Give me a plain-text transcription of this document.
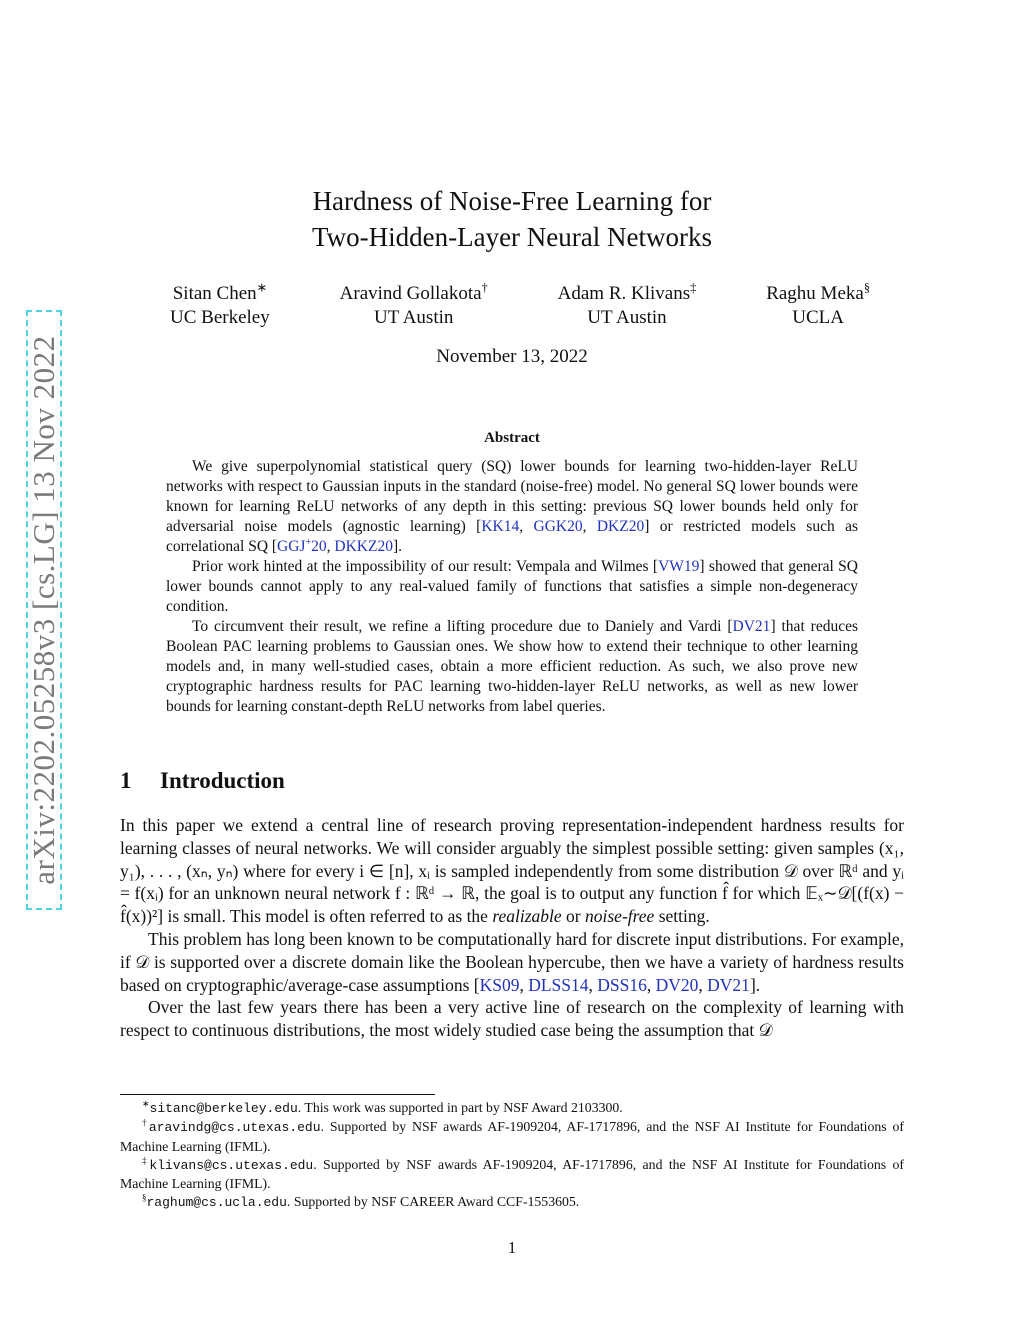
arXiv:2202.05258v3 [cs.LG] 13 Nov 2022
Hardness of Noise-Free Learning for
Two-Hidden-Layer Neural Networks
Sitan Chen∗
UC Berkeley
Aravind Gollakota†
UT Austin
Adam R. Klivans‡
UT Austin
Raghu Meka§
UCLA
November 13, 2022
Abstract

We give superpolynomial statistical query (SQ) lower bounds for learning two-hidden-layer ReLU networks with respect to Gaussian inputs in the standard (noise-free) model. No general SQ lower bounds were known for learning ReLU networks of any depth in this setting: previous SQ lower bounds held only for adversarial noise models (agnostic learning) [KK14, GGK20, DKZ20] or restricted models such as correlational SQ [GGJ+20, DKKZ20].

Prior work hinted at the impossibility of our result: Vempala and Wilmes [VW19] showed that general SQ lower bounds cannot apply to any real-valued family of functions that satisfies a simple non-degeneracy condition.

To circumvent their result, we refine a lifting procedure due to Daniely and Vardi [DV21] that reduces Boolean PAC learning problems to Gaussian ones. We show how to extend their technique to other learning models and, in many well-studied cases, obtain a more efficient reduction. As such, we also prove new cryptographic hardness results for PAC learning two-hidden-layer ReLU networks, as well as new lower bounds for learning constant-depth ReLU networks from label queries.

1 Introduction

In this paper we extend a central line of research proving representation-independent hardness results for learning classes of neural networks. We will consider arguably the simplest possible setting: given samples (x₁, y₁), . . . , (xₙ, yₙ) where for every i ∈ [n], xᵢ is sampled independently from some distribution 𝒟 over ℝᵈ and yᵢ = f(xᵢ) for an unknown neural network f : ℝᵈ → ℝ, the goal is to output any function f̂ for which 𝔼ₓ∼𝒟[(f(x) − f̂(x))²] is small. This model is often referred to as the realizable or noise-free setting.

This problem has long been known to be computationally hard for discrete input distributions. For example, if 𝒟 is supported over a discrete domain like the Boolean hypercube, then we have a variety of hardness results based on cryptographic/average-case assumptions [KS09, DLSS14, DSS16, DV20, DV21].

Over the last few years there has been a very active line of research on the complexity of learning with respect to continuous distributions, the most widely studied case being the assumption that 𝒟

∗sitanc@berkeley.edu. This work was supported in part by NSF Award 2103300.

†aravindg@cs.utexas.edu. Supported by NSF awards AF-1909204, AF-1717896, and the NSF AI Institute for Foundations of Machine Learning (IFML).

‡klivans@cs.utexas.edu. Supported by NSF awards AF-1909204, AF-1717896, and the NSF AI Institute for Foundations of Machine Learning (IFML).

§raghum@cs.ucla.edu. Supported by NSF CAREER Award CCF-1553605.

1
